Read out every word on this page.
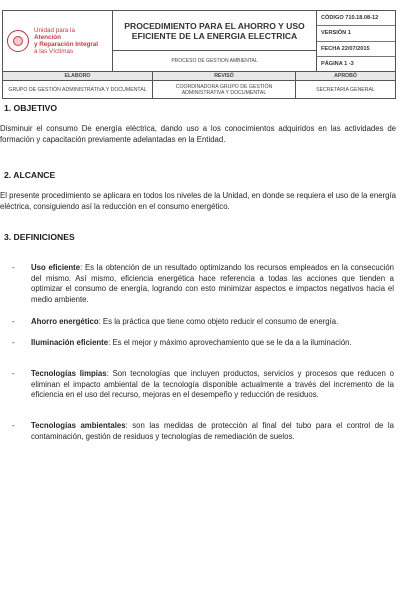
Unidad para la
Atención
y Reparación Integral
a las Víctimas
PROCEDIMIENTO PARA EL AHORRO Y USO EFICIENTE DE LA ENERGIA ELECTRICA
PROCESO DE GESTION AMBIENTAL
CÓDIGO 710.18.08-12
VERSIÓN 1
FECHA 22/07/2015
PÁGINA 1 -3
ELABORO	REVISÓ	APROBÓ
GRUPO DE GESTIÓN ADMINISTRATIVA Y DOCUMENTAL	COORDINADORA GRUPO DE GESTIÓN ADMINISTRATIVA Y DOCUMENTAL	SECRETARIA GENERAL
1. OBJETIVO
Disminuir el consumo De energía eléctrica, dando uso a los conocimientos adquiridos en las actividades de formación y capacitación previamente adelantadas en la Entidad.
2. ALCANCE
El presente procedimiento se aplicara en todos los niveles de la Unidad, en donde se requiera el uso de la energía eléctrica, consiguiendo así la reducción en el consumo energético.
3. DEFINICIONES
-	Uso eficiente: Es la obtención de un resultado optimizando los recursos empleados en la consecución del mismo. Así mismo, eficiencia energética hace referencia a todas las acciones que tienden a optimizar el consumo de energía, logrando con esto minimizar aspectos e impactos negativos hacia el medio ambiente.
-	Ahorro energético: Es la práctica que tiene como objeto reducir el consumo de energía.
-	Iluminación eficiente: Es el mejor y máximo aprovechamiento que se le da a la iluminación.
-	Tecnologías limpias: Son tecnologías que incluyen productos, servicios y procesos que reducen o eliminan el impacto ambiental de la tecnología disponible actualmente a través del incremento de la eficiencia en el uso del recurso, mejoras en el desempeño y reducción de residuos.
-	Tecnologías ambientales: son las medidas de protección al final del tubo para el control de la contaminación, gestión de residuos y tecnologías de remediación de suelos.
